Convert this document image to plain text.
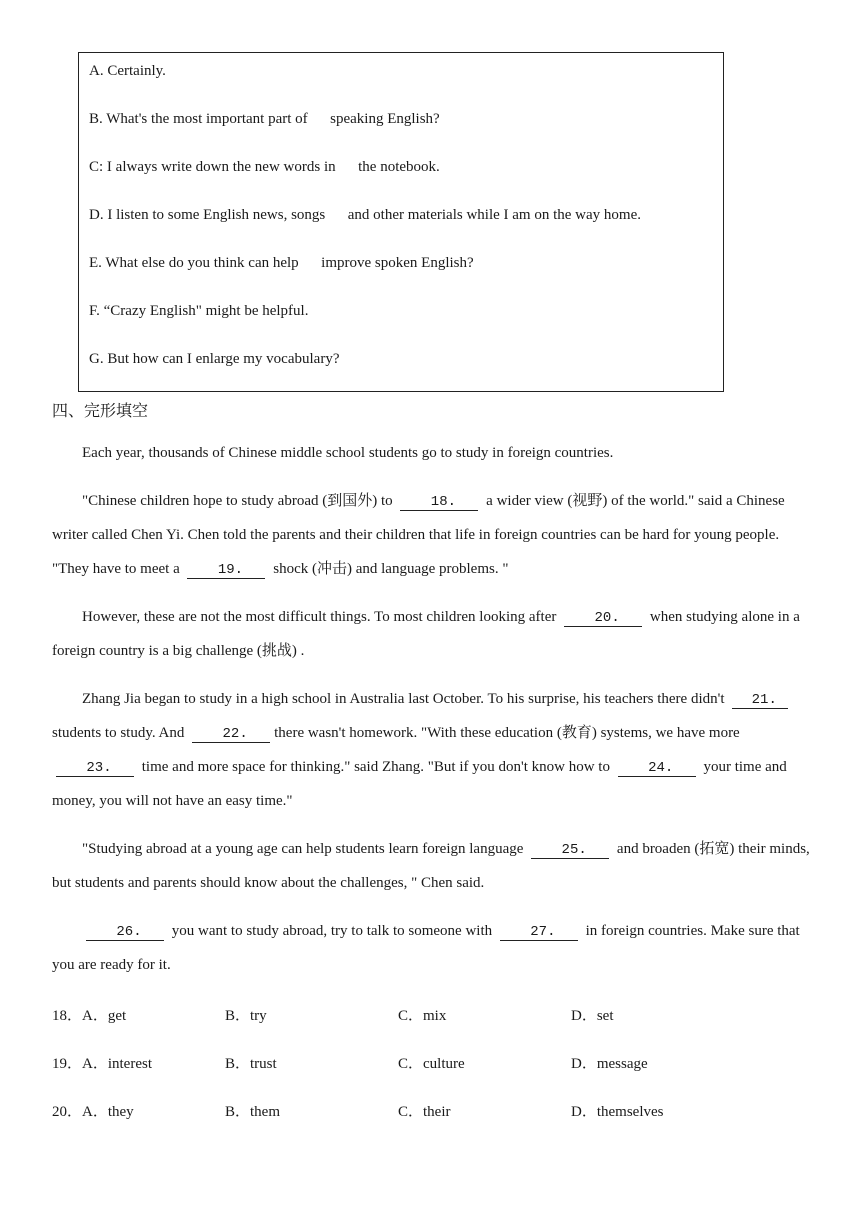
A. Certainly.
B. What's the most important part of      speaking English?
C: I always write down the new words in      the notebook.
D. I listen to some English news, songs      and other materials while I am on the way home.
E. What else do you think can help      improve spoken English?
F. “Crazy English" might be helpful.
G. But how can I enlarge my vocabulary?
四、完形填空
Each year, thousands of Chinese middle school students go to study in foreign countries.
"Chinese children hope to study abroad (到国外) to	18. a wider view (视野) of the world." said a Chinese writer called Chen Yi. Chen told the parents and their children that life in foreign countries can be hard for young people. "They have to meet a	19. shock (冲击) and language problems. "
However, these are not the most difficult things. To most children looking after	20. when studying alone in a foreign country is a big challenge (挑战) .
Zhang Jia began to study in a high school in Australia last October. To his surprise, his teachers there didn't 21.students to study. And	22. there wasn't homework. "With these education (教育) systems, we have more 23. time and more space for thinking." said Zhang. "But if you don't know how to	24. your time and money, you will not have an easy time."
"Studying abroad at a young age can help students learn foreign language	25. and broaden (拓宽) their minds, but students and parents should know about the challenges, " Chen said.
26. you want to study abroad, try to talk to someone with	27. in foreign countries. Make sure that you are ready for it.
18．A．get	B．try	C．mix	D．set
19．A．interest	B．trust	C．culture	D．message
20．A．they	B．them	C．their	D．themselves
